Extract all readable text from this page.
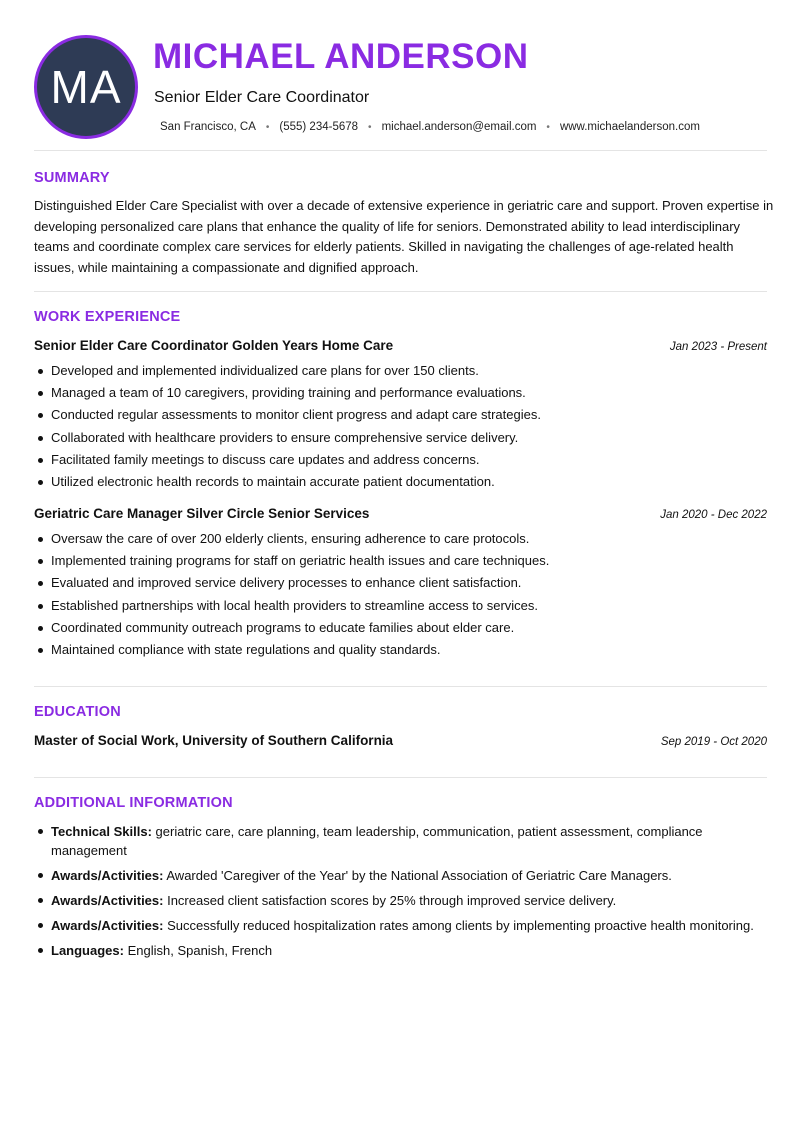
MA
MICHAEL ANDERSON
Senior Elder Care Coordinator
San Francisco, CA • (555) 234-5678 • michael.anderson@email.com • www.michaelanderson.com
SUMMARY
Distinguished Elder Care Specialist with over a decade of extensive experience in geriatric care and support. Proven expertise in developing personalized care plans that enhance the quality of life for seniors. Demonstrated ability to lead interdisciplinary teams and coordinate complex care services for elderly patients. Skilled in navigating the challenges of age-related health issues, while maintaining a compassionate and dignified approach.
WORK EXPERIENCE
Senior Elder Care Coordinator Golden Years Home Care	Jan 2023 - Present
Developed and implemented individualized care plans for over 150 clients.
Managed a team of 10 caregivers, providing training and performance evaluations.
Conducted regular assessments to monitor client progress and adapt care strategies.
Collaborated with healthcare providers to ensure comprehensive service delivery.
Facilitated family meetings to discuss care updates and address concerns.
Utilized electronic health records to maintain accurate patient documentation.
Geriatric Care Manager Silver Circle Senior Services	Jan 2020 - Dec 2022
Oversaw the care of over 200 elderly clients, ensuring adherence to care protocols.
Implemented training programs for staff on geriatric health issues and care techniques.
Evaluated and improved service delivery processes to enhance client satisfaction.
Established partnerships with local health providers to streamline access to services.
Coordinated community outreach programs to educate families about elder care.
Maintained compliance with state regulations and quality standards.
EDUCATION
Master of Social Work, University of Southern California	Sep 2019 - Oct 2020
ADDITIONAL INFORMATION
Technical Skills: geriatric care, care planning, team leadership, communication, patient assessment, compliance management
Awards/Activities: Awarded 'Caregiver of the Year' by the National Association of Geriatric Care Managers.
Awards/Activities: Increased client satisfaction scores by 25% through improved service delivery.
Awards/Activities: Successfully reduced hospitalization rates among clients by implementing proactive health monitoring.
Languages: English, Spanish, French
